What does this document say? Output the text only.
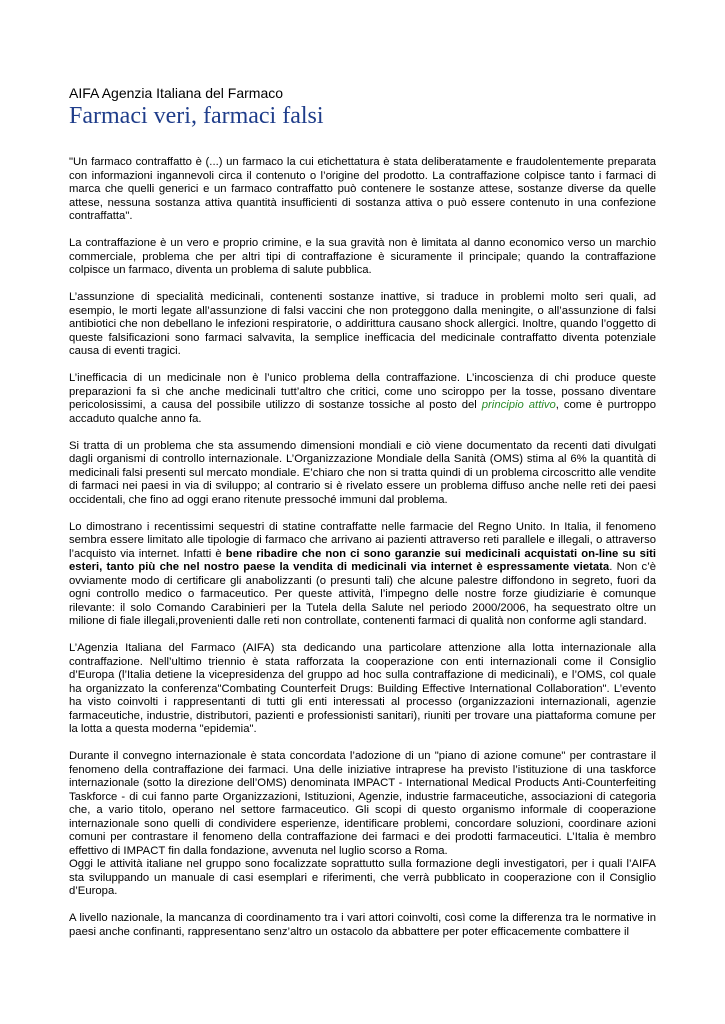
AIFA Agenzia Italiana del Farmaco

Farmaci veri, farmaci falsi

"Un farmaco contraffatto è (...) un farmaco la cui etichettatura è stata deliberatamente e fraudolentemente preparata con informazioni ingannevoli circa il contenuto o l’origine del prodotto. La contraffazione colpisce tanto i farmaci di marca che quelli generici e un farmaco contraffatto può contenere le sostanze attese, sostanze diverse da quelle attese, nessuna sostanza attiva quantità insufficienti di sostanza attiva o può essere contenuto in una confezione contraffatta".

La contraffazione è un vero e proprio crimine, e la sua gravità non è limitata al danno economico verso un marchio commerciale, problema che per altri tipi di contraffazione è sicuramente il principale; quando la contraffazione colpisce un farmaco, diventa un problema di salute pubblica.

L’assunzione di specialità medicinali, contenenti sostanze inattive, si traduce in problemi molto seri quali, ad esempio, le morti legate all’assunzione di falsi vaccini che non proteggono dalla meningite, o all’assunzione di falsi antibiotici che non debellano le infezioni respiratorie, o addirittura causano shock allergici. Inoltre, quando l’oggetto di queste falsificazioni sono farmaci salvavita, la semplice inefficacia del medicinale contraffatto diventa potenziale causa di eventi tragici.

L’inefficacia di un medicinale non è l’unico problema della contraffazione. L’incoscienza di chi produce queste preparazioni fa sì che anche medicinali tutt’altro che critici, come uno sciroppo per la tosse, possano diventare pericolosissimi, a causa del possibile utilizzo di sostanze tossiche al posto del principio attivo, come è purtroppo accaduto qualche anno fa.

Si tratta di un problema che sta assumendo dimensioni mondiali e ciò viene documentato da recenti dati divulgati dagli organismi di controllo internazionale. L’Organizzazione Mondiale della Sanità (OMS) stima al 6% la quantità di medicinali falsi presenti sul mercato mondiale. E’chiaro che non si tratta quindi di un problema circoscritto alle vendite di farmaci nei paesi in via di sviluppo; al contrario si è rivelato essere un problema diffuso anche nelle reti dei paesi occidentali, che fino ad oggi erano ritenute pressoché immuni dal problema.

Lo dimostrano i recentissimi sequestri di statine contraffatte nelle farmacie del Regno Unito. In Italia, il fenomeno sembra essere limitato alle tipologie di farmaco che arrivano ai pazienti attraverso reti parallele e illegali, o attraverso l’acquisto via internet. Infatti è bene ribadire che non ci sono garanzie sui medicinali acquistati on-line su siti esteri, tanto più che nel nostro paese la vendita di medicinali via internet è espressamente vietata. Non c’è ovviamente modo di certificare gli anabolizzanti (o presunti tali) che alcune palestre diffondono in segreto, fuori da ogni controllo medico o farmaceutico. Per queste attività, l’impegno delle nostre forze giudiziarie è comunque rilevante: il solo Comando Carabinieri per la Tutela della Salute nel periodo 2000/2006, ha sequestrato oltre un milione di fiale illegali,provenienti dalle reti non controllate, contenenti farmaci di qualità non conforme agli standard.

L’Agenzia Italiana del Farmaco (AIFA) sta dedicando una particolare attenzione alla lotta internazionale alla contraffazione. Nell’ultimo triennio è stata rafforzata la cooperazione con enti internazionali come il Consiglio d’Europa (l’Italia detiene la vicepresidenza del gruppo ad hoc sulla contraffazione di medicinali), e l’OMS, col quale ha organizzato la conferenza"Combating Counterfeit Drugs: Building Effective International Collaboration". L’evento ha visto coinvolti i rappresentanti di tutti gli enti interessati al processo (organizzazioni internazionali, agenzie farmaceutiche, industrie, distributori, pazienti e professionisti sanitari), riuniti per trovare una piattaforma comune per la lotta a questa moderna "epidemia".

Durante il convegno internazionale è stata concordata l’adozione di un "piano di azione comune" per contrastare il fenomeno della contraffazione dei farmaci. Una delle iniziative intraprese ha previsto l’istituzione di una taskforce internazionale (sotto la direzione dell’OMS) denominata IMPACT - International Medical Products Anti-Counterfeiting Taskforce - di cui fanno parte Organizzazioni, Istituzioni, Agenzie, industrie farmaceutiche, associazioni di categoria che, a vario titolo, operano nel settore farmaceutico. Gli scopi di questo organismo informale di cooperazione internazionale sono quelli di condividere esperienze, identificare problemi, concordare soluzioni, coordinare azioni comuni per contrastare il fenomeno della contraffazione dei farmaci e dei prodotti farmaceutici. L’Italia è membro effettivo di IMPACT fin dalla fondazione, avvenuta nel luglio scorso a Roma.

Oggi le attività italiane nel gruppo sono focalizzate soprattutto sulla formazione degli investigatori, per i quali l’AIFA sta sviluppando un manuale di casi esemplari e riferimenti, che verrà pubblicato in cooperazione con il Consiglio d’Europa.

A livello nazionale, la mancanza di coordinamento tra i vari attori coinvolti, così come la differenza tra le normative in paesi anche confinanti, rappresentano senz’altro un ostacolo da abbattere per poter efficacemente combattere il
